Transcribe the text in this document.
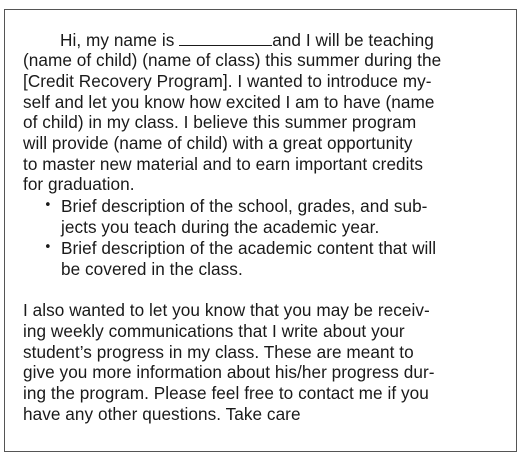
Hi, my name is	and I will be teaching
(name of child) (name of class) this summer during the
[Credit Recovery Program]. I wanted to introduce my-
self and let you know how excited I am to have (name
of child) in my class. I believe this summer program
will provide (name of child) with a great opportunity
to master new material and to earn important credits
for graduation.
• Brief description of the school, grades, and sub-
jects you teach during the academic year.
• Brief description of the academic content that will
be covered in the class.
I also wanted to let you know that you may be receiv-
ing weekly communications that I write about your
student’s progress in my class. These are meant to
give you more information about his/her progress dur-
ing the program. Please feel free to contact me if you
have any other questions. Take care
